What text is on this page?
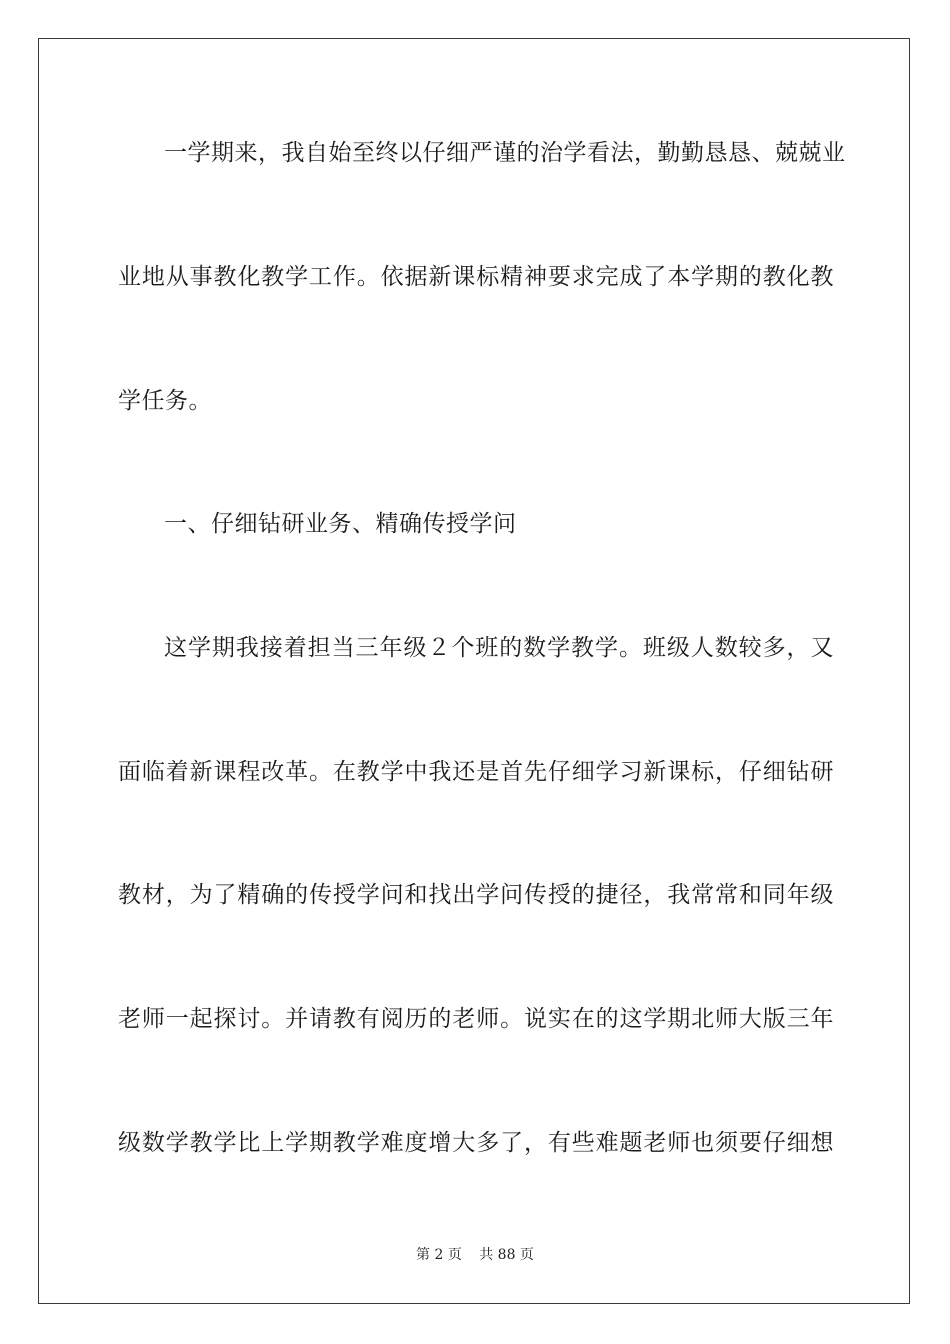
一学期来，我自始至终以仔细严谨的治学看法，勤勤恳恳、兢兢业
业地从事教化教学工作。依据新课标精神要求完成了本学期的教化教
学任务。
一、仔细钻研业务、精确传授学问
这学期我接着担当三年级２个班的数学教学。班级人数较多，又
面临着新课程改革。在教学中我还是首先仔细学习新课标，仔细钻研
教材，为了精确的传授学问和找出学问传授的捷径，我常常和同年级
老师一起探讨。并请教有阅历的老师。说实在的这学期北师大版三年
级数学教学比上学期教学难度增大多了，有些难题老师也须要仔细想
第 2 页 共 88 页
